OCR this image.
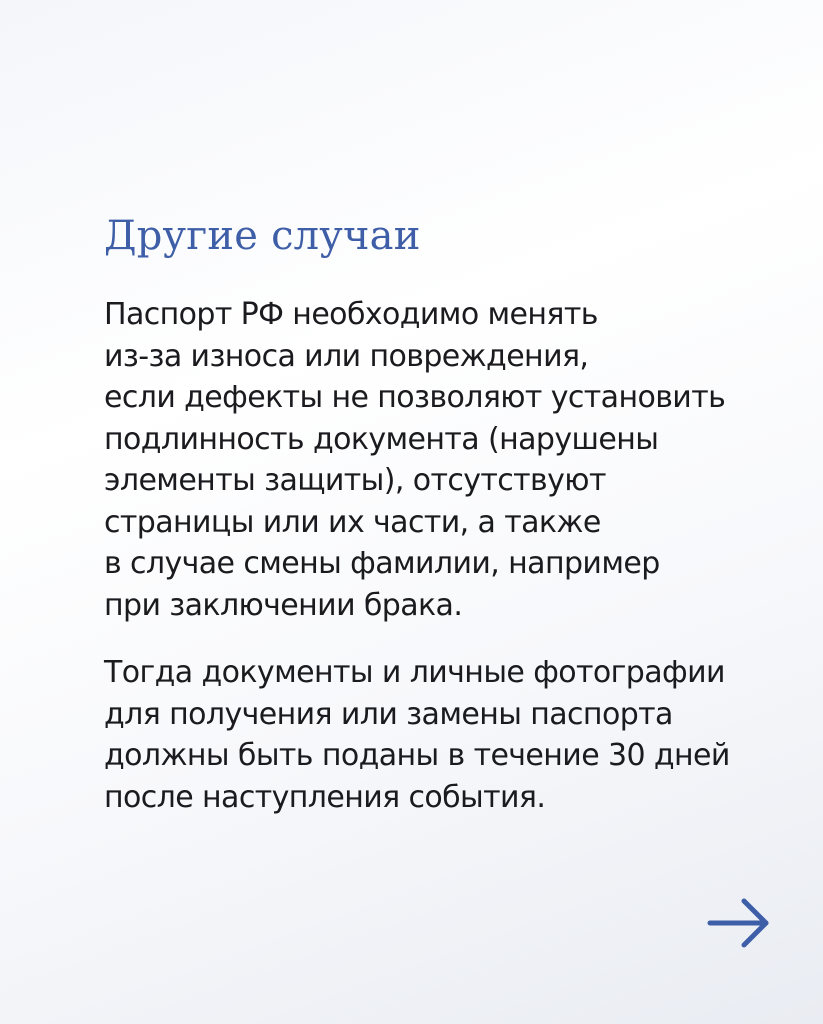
Другие случаи

Паспорт РФ необходимо менять
из-за износа или повреждения,
если дефекты не позволяют установить
подлинность документа (нарушены
элементы защиты), отсутствуют
страницы или их части, а также
в случае смены фамилии, например
при заключении брака.

Тогда документы и личные фотографии
для получения или замены паспорта
должны быть поданы в течение 30 дней
после наступления события.
